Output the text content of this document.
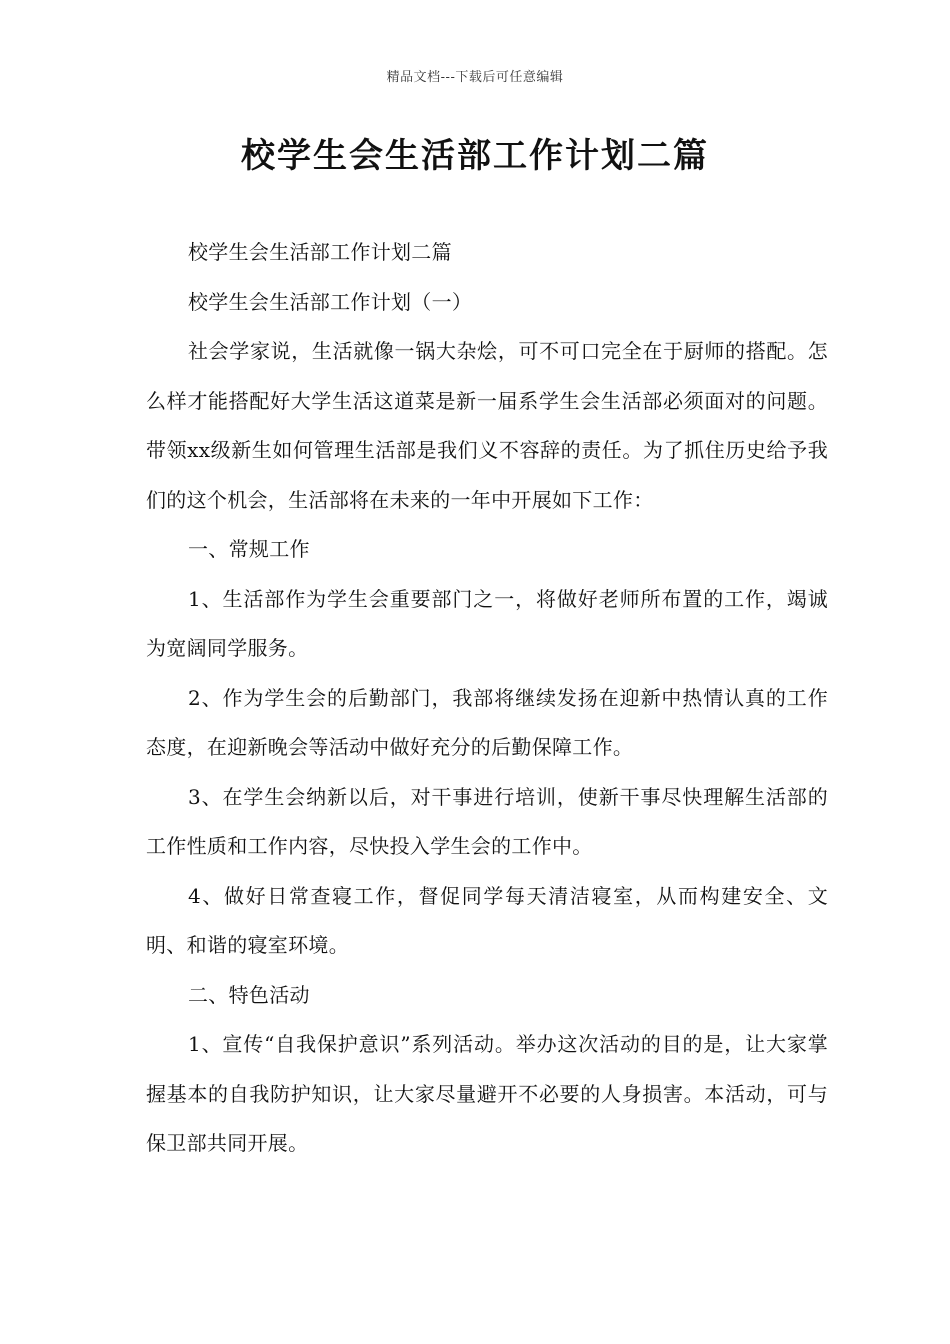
精品文档---下载后可任意编辑
校学生会生活部工作计划二篇

校学生会生活部工作计划二篇

校学生会生活部工作计划（一）

社会学家说，生活就像一锅大杂烩，可不可口完全在于厨师的搭配。怎么样才能搭配好大学生活这道菜是新一届系学生会生活部必须面对的问题。带领xx级新生如何管理生活部是我们义不容辞的责任。为了抓住历史给予我们的这个机会，生活部将在未来的一年中开展如下工作：

一、常规工作

1、生活部作为学生会重要部门之一，将做好老师所布置的工作，竭诚为宽阔同学服务。

2、作为学生会的后勤部门，我部将继续发扬在迎新中热情认真的工作态度，在迎新晚会等活动中做好充分的后勤保障工作。

3、在学生会纳新以后，对干事进行培训，使新干事尽快理解生活部的工作性质和工作内容，尽快投入学生会的工作中。

4、做好日常查寝工作，督促同学每天清洁寝室，从而构建安全、文明、和谐的寝室环境。

二、特色活动

1、宣传“自我保护意识”系列活动。举办这次活动的目的是，让大家掌握基本的自我防护知识，让大家尽量避开不必要的人身损害。本活动，可与保卫部共同开展。
